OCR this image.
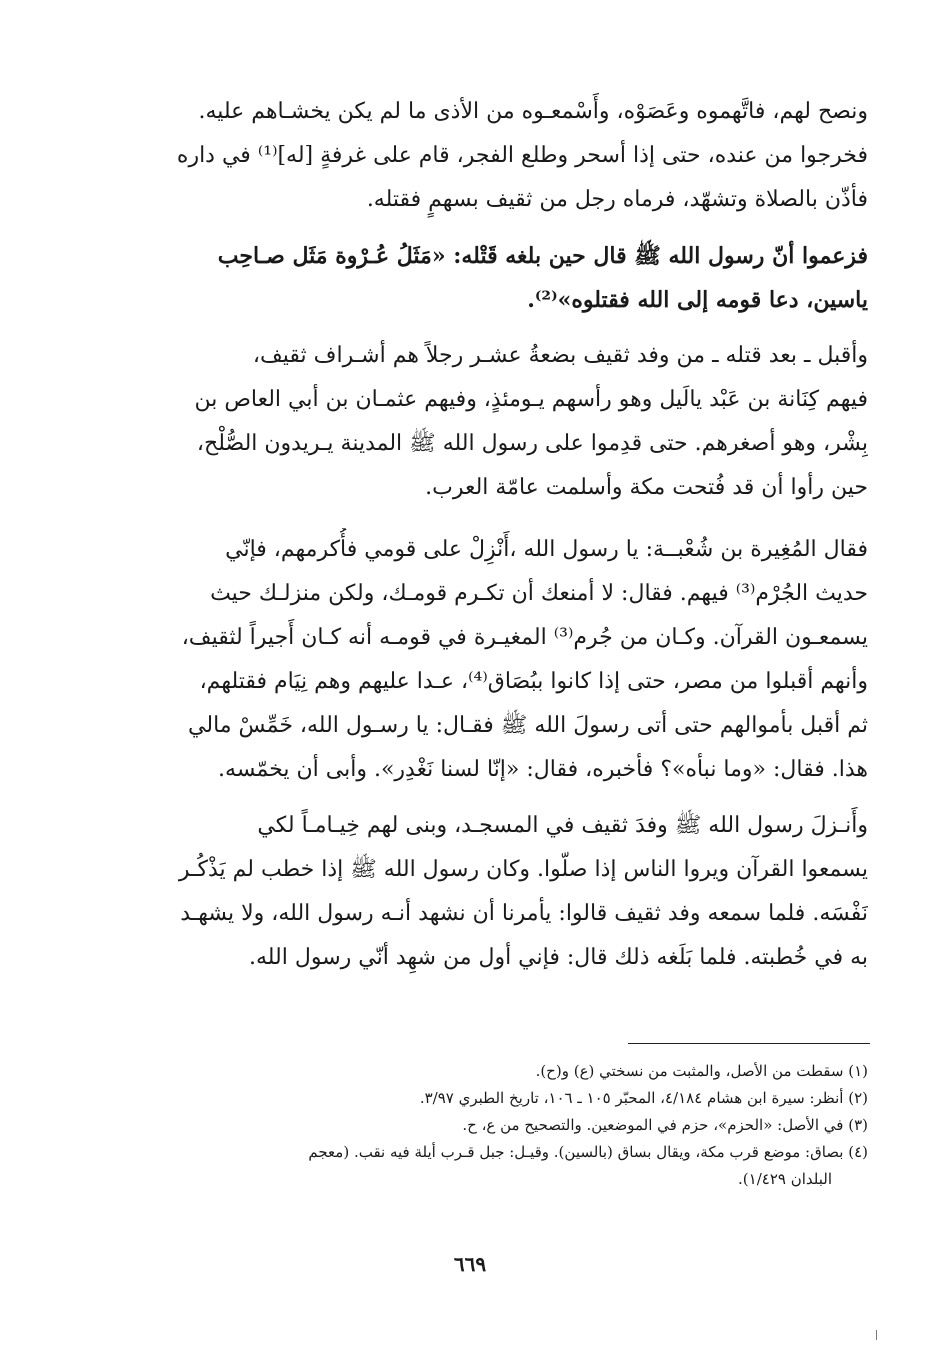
ونصح لهم، فاتَّهموه وعَصَوْه، وأَسْمعـوه من الأذى ما لم يكن يخشـاهم عليه.
فخرجوا من عنده، حتى إذا أسحر وطلع الفجر، قام على غرفةٍ [له]⁽¹⁾ في داره
فأذّن بالصلاة وتشهّد، فرماه رجل من ثقيف بسهمٍ فقتله.
فزعموا أنّ رسول الله ﷺ قال حين بلغه قَتْله: «مَثَلُ عُـرْوة مَثَل صـاحِب
ياسين، دعا قومه إلى الله فقتلوه»⁽²⁾.
وأقبل ـ بعد قتله ـ من وفد ثقيف بضعةُ عشـر رجلاً هم أشـراف ثقيف،
فيهم كِنَانة بن عَبْد يالَيل وهو رأسهم يـومئذٍ، وفيهم عثمـان بن أبي العاص بن
بِشْر، وهو أصغرهم. حتى قدِموا على رسول الله ﷺ المدينة يـريدون الصُّلْح،
حين رأوا أن قد فُتحت مكة وأسلمت عامّة العرب.
فقال المُغِيرة بن شُعْبــة: يا رسول الله ،أَنْزِلْ على قومي فأُكرمهم، فإنّي
حديث الجُرْم⁽³⁾ فيهم. فقال: لا أمنعك أن تكـرم قومـك، ولكن منزلـك حيث
يسمعـون القرآن. وكـان من جُرم⁽³⁾ المغيـرة في قومـه أنه كـان أَجيراً لثقيف،
وأنهم أقبلوا من مصر، حتى إذا كانوا ببُصَاق⁽⁴⁾، عـدا عليهم وهم نِيَام فقتلهم،
ثم أقبل بأموالهم حتى أتى رسولَ الله ﷺ فقـال: يا رسـول الله، خَمِّسْ مالي
هذا. فقال: «وما نبأه»؟ فأخبره، فقال: «إنّا لسنا نَغْدِر». وأبى أن يخمّسه.
وأَنـزلَ رسول الله ﷺ وفدَ ثقيف في المسجـد، وبنى لهم خِيـامـاً لكي
يسمعوا القرآن ويروا الناس إذا صلّوا. وكان رسول الله ﷺ إذا خطب لم يَذْكُـر
نَفْسَه. فلما سمعه وفد ثقيف قالوا: يأمرنا أن نشهد أنـه رسول الله، ولا يشهـد
به في خُطبته. فلما بَلَغه ذلك قال: فإني أول من شهِد أنّي رسول الله.
(١) سقطت من الأصل، والمثبت من نسختي (ع) و(ح).
(٢) أنظر: سيرة ابن هشام ٤/١٨٤، المحبّر ١٠٥ ـ ١٠٦، تاريخ الطبري ٣/٩٧.
(٣) في الأصل: «الحزم»، حزم في الموضعين. والتصحيح من ع، ح.
(٤) بصاق: موضع قرب مكة، ويقال بساق (بالسين). وقيـل: جبل قـرب أيلة فيه نقب. (معجم
البلدان ١/٤٢٩).
٦٦٩
